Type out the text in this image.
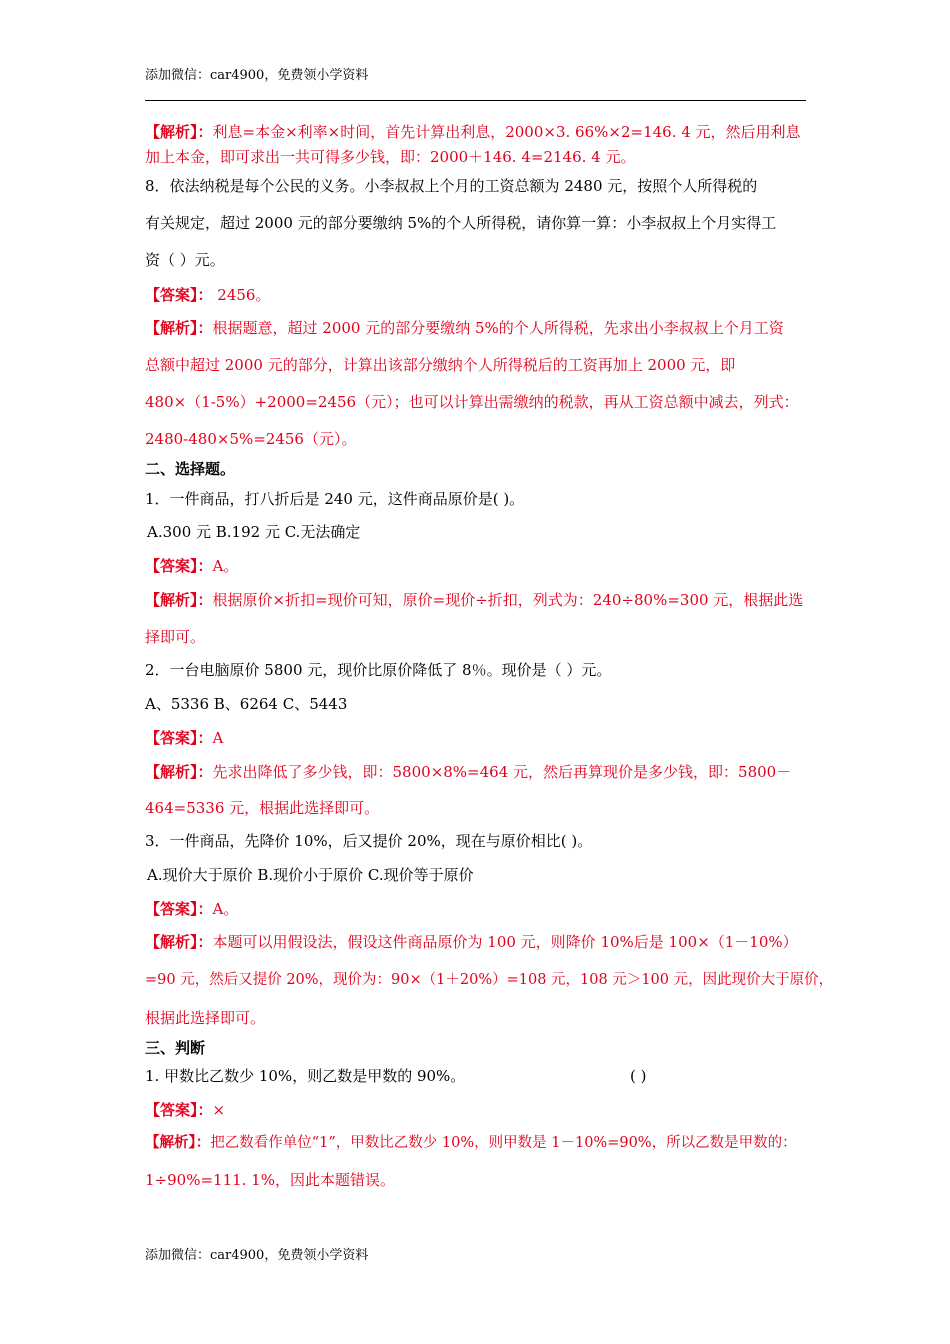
添加微信：car4900，免费领小学资料
【解析】：利息=本金×利率×时间，首先计算出利息，2000×3. 66%×2=146. 4 元，然后用利息
加上本金，即可求出一共可得多少钱，即：2000＋146. 4=2146. 4 元。
8．依法纳税是每个公民的义务。小李叔叔上个月的工资总额为 2480 元，按照个人所得税的
有关规定，超过 2000 元的部分要缴纳 5%的个人所得税，请你算一算：小李叔叔上个月实得工
资（ ）元。
【答案】： 2456。
【解析】：根据题意，超过 2000 元的部分要缴纳 5%的个人所得税，先求出小李叔叔上个月工资
总额中超过 2000 元的部分，计算出该部分缴纳个人所得税后的工资再加上 2000 元，即
480×（1-5%）+2000=2456（元）；也可以计算出需缴纳的税款，再从工资总额中减去，列式：
2480-480×5%=2456（元）。
二、选择题。
1．一件商品，打八折后是 240 元，这件商品原价是( )。
A.300 元 B.192 元 C.无法确定
【答案】：A。
【解析】：根据原价×折扣=现价可知，原价=现价÷折扣，列式为：240÷80%=300 元，根据此选
择即可。
2．一台电脑原价 5800 元，现价比原价降低了 8％。现价是（ ）元。
A、5336 B、6264 C、5443
【答案】：A
【解析】：先求出降低了多少钱，即：5800×8%=464 元，然后再算现价是多少钱，即：5800－
464=5336 元，根据此选择即可。
3．一件商品，先降价 10%，后又提价 20%，现在与原价相比( )。
A.现价大于原价 B.现价小于原价 C.现价等于原价
【答案】：A。
【解析】：本题可以用假设法，假设这件商品原价为 100 元，则降价 10%后是 100×（1－10%）
=90 元，然后又提价 20%，现价为：90×（1＋20%）=108 元，108 元＞100 元，因此现价大于原价，
根据此选择即可。
三、判断
1. 甲数比乙数少 10%，则乙数是甲数的 90%。	( )
【答案】：×
【解析】：把乙数看作单位“1”，甲数比乙数少 10%，则甲数是 1－10%=90%，所以乙数是甲数的：
1÷90%=111. 1%，因此本题错误。
添加微信：car4900，免费领小学资料
